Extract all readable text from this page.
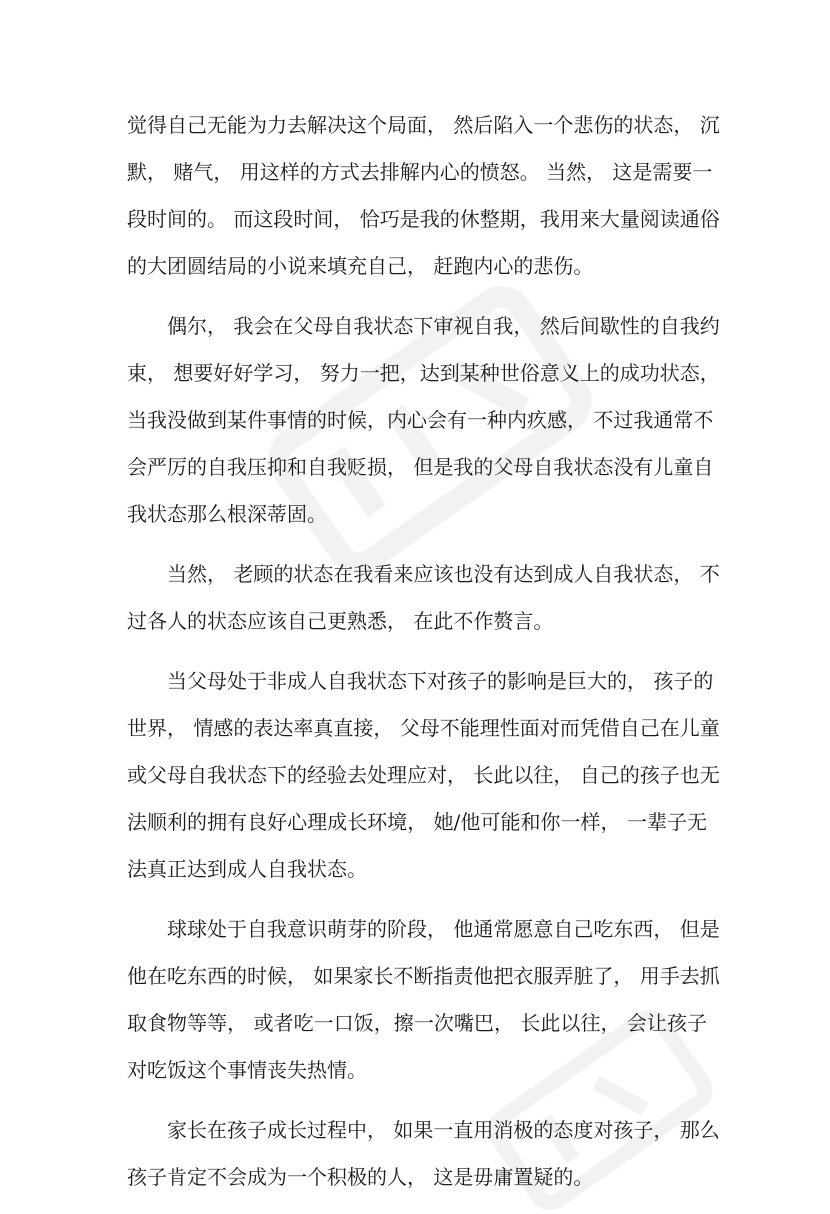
觉得自己无能为力去解决这个局面， 然后陷入一个悲伤的状态， 沉
默， 赌气， 用这样的方式去排解内心的愤怒。 当然， 这是需要一
段时间的。 而这段时间， 恰巧是我的休整期，我用来大量阅读通俗
的大团圆结局的小说来填充自己， 赶跑内心的悲伤。

偶尔， 我会在父母自我状态下审视自我， 然后间歇性的自我约
束， 想要好好学习， 努力一把，达到某种世俗意义上的成功状态，
当我没做到某件事情的时候，内心会有一种内疚感， 不过我通常不
会严厉的自我压抑和自我贬损， 但是我的父母自我状态没有儿童自
我状态那么根深蒂固。

当然， 老顾的状态在我看来应该也没有达到成人自我状态， 不
过各人的状态应该自己更熟悉， 在此不作赘言。

当父母处于非成人自我状态下对孩子的影响是巨大的， 孩子的
世界， 情感的表达率真直接， 父母不能理性面对而凭借自己在儿童
或父母自我状态下的经验去处理应对， 长此以往， 自己的孩子也无
法顺利的拥有良好心理成长环境， 她/他可能和你一样， 一辈子无
法真正达到成人自我状态。

球球处于自我意识萌芽的阶段， 他通常愿意自己吃东西， 但是
他在吃东西的时候， 如果家长不断指责他把衣服弄脏了， 用手去抓
取食物等等， 或者吃一口饭，擦一次嘴巴， 长此以往， 会让孩子
对吃饭这个事情丧失热情。

家长在孩子成长过程中， 如果一直用消极的态度对孩子， 那么
孩子肯定不会成为一个积极的人， 这是毋庸置疑的。
